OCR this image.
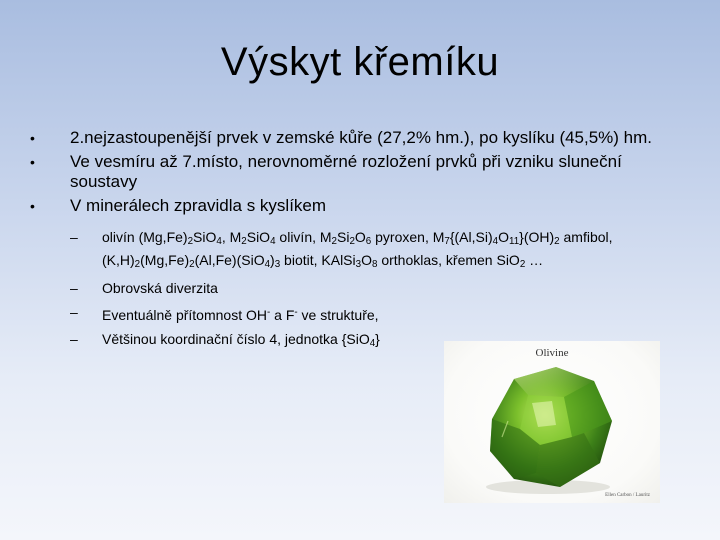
Výskyt křemíku
• 2.nejzastoupenější prvek v zemské kůře (27,2% hm.), po kyslíku (45,5%) hm.
• Ve vesmíru až 7.místo, nerovnoměrné rozložení prvků při vzniku sluneční soustavy
• V minerálech zpravidla s kyslíkem
– olivín $(Mg,Fe)_2SiO_4$, $M_2SiO_4$ olivín, $M_2Si_2O_6$ pyroxen, $M_7\{(Al,Si)_4O_{11}\}(OH)_2$ amfibol, $(K,H)_2(Mg,Fe)_2(Al,Fe)(SiO_4)_3$ biotit, $KAlSi_3O_8$ orthoklas, křemen SiO$_2$ …
– Obrovská diverzita
– Eventuálně přítomnost OH- a F- ve struktuře,
– Většinou koordinační číslo 4, jednotka {SiO$_4$}
Olivine
Ellen Carbon / Lauritz
